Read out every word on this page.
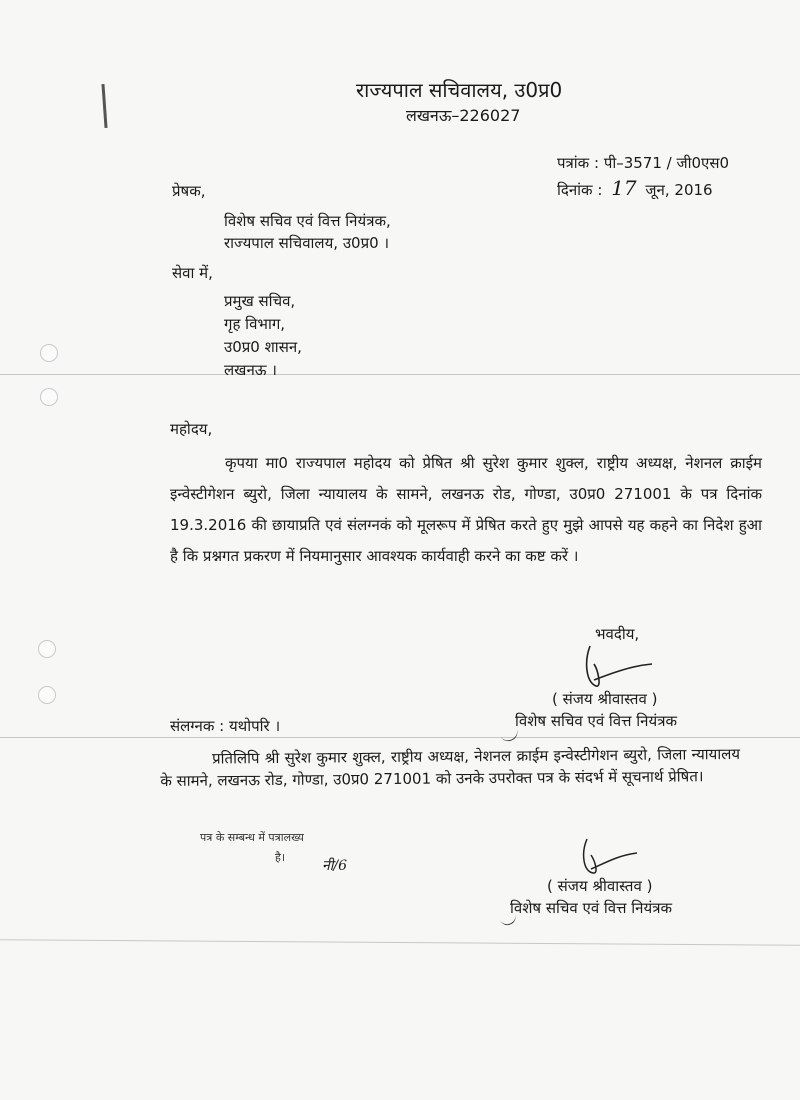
राज्यपाल सचिवालय, उ0प्र0
लखनऊ–226027
पत्रांक : पी–3571 / जी0एस0
दिनांक : 17 जून, 2016
प्रेषक,
विशेष सचिव एवं वित्त नियंत्रक,
राज्यपाल सचिवालय, उ0प्र0 ।
सेवा में,
प्रमुख सचिव,
गृह विभाग,
उ0प्र0 शासन,
लखनऊ ।
महोदय,
कृपया मा0 राज्यपाल महोदय को प्रेषित श्री सुरेश कुमार शुक्ल, राष्ट्रीय अध्यक्ष, नेशनल क्राईम इन्वेस्टीगेशन ब्युरो, जिला न्यायालय के सामने, लखनऊ रोड, गोण्डा, उ0प्र0 271001 के पत्र दिनांक 19.3.2016 की छायाप्रति एवं संलग्नकं को मूलरूप में प्रेषित करते हुए मुझे आपसे यह कहने का निदेश हुआ है कि प्रश्नगत प्रकरण में नियमानुसार आवश्यक कार्यवाही करने का कष्ट करें ।
भवदीय,
( संजय श्रीवास्तव )
विशेष सचिव एवं वित्त नियंत्रक
संलग्नक : यथोपरि ।
प्रतिलिपि श्री सुरेश कुमार शुक्ल, राष्ट्रीय अध्यक्ष, नेशनल क्राईम इन्वेस्टीगेशन ब्युरो, जिला न्यायालय के सामने, लखनऊ रोड, गोण्डा, उ0प्र0 271001 को उनके उपरोक्त पत्र के संदर्भ में सूचनार्थ प्रेषित।
पत्र के सम्बन्ध में पत्रालख्य
है।
नी/6
( संजय श्रीवास्तव )
विशेष सचिव एवं वित्त नियंत्रक
